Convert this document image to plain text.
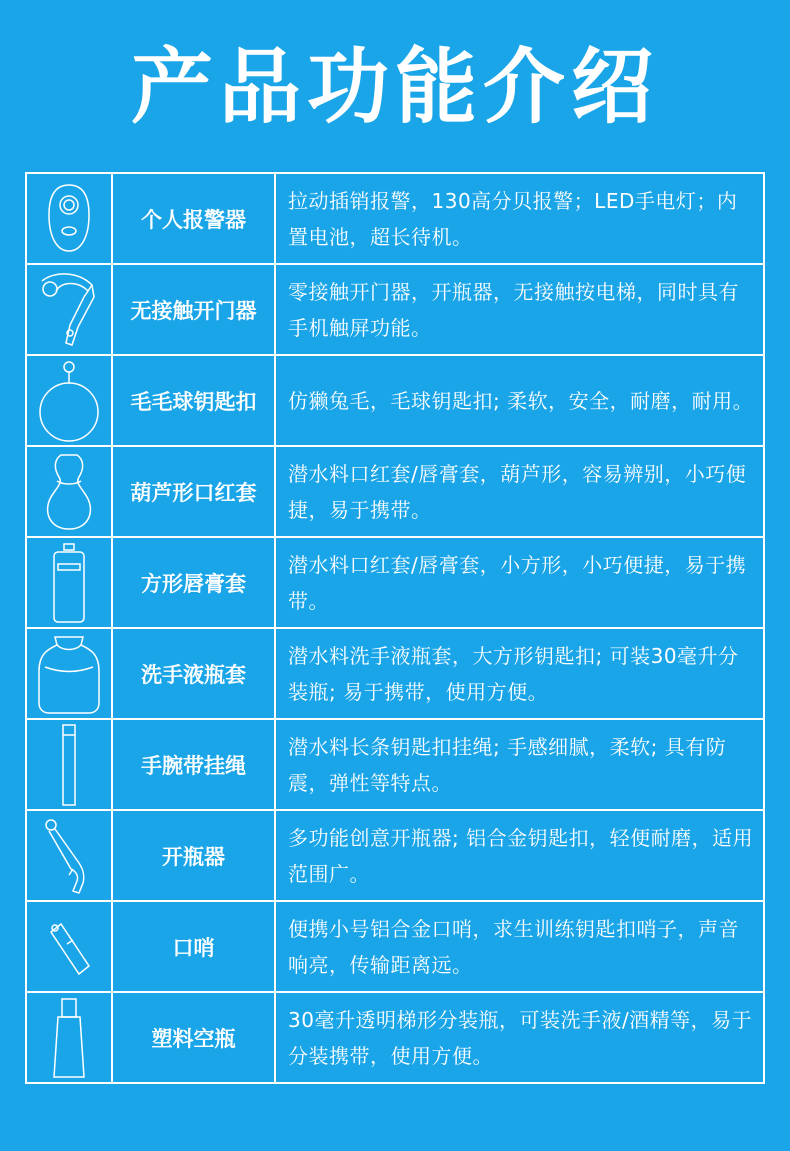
产品功能介绍
	个人报警器	拉动插销报警，130高分贝报警；LED手电灯；内置电池，超长待机。

	无接触开门器	零接触开门器，开瓶器，无接触按电梯，同时具有手机触屏功能。

	毛毛球钥匙扣	仿獭兔毛，毛球钥匙扣; 柔软，安全，耐磨，耐用。

	葫芦形口红套	潜水料口红套/唇膏套，葫芦形，容易辨别，小巧便捷，易于携带。

	方形唇膏套	潜水料口红套/唇膏套，小方形，小巧便捷，易于携带。

	洗手液瓶套	潜水料洗手液瓶套，大方形钥匙扣; 可装30毫升分装瓶; 易于携带，使用方便。

	手腕带挂绳	潜水料长条钥匙扣挂绳; 手感细腻，柔软; 具有防震，弹性等特点。

	开瓶器	多功能创意开瓶器; 铝合金钥匙扣，轻便耐磨，适用范围广。

	口哨	便携小号铝合金口哨，求生训练钥匙扣哨子，声音响亮，传输距离远。

	塑料空瓶	30毫升透明梯形分装瓶，可装洗手液/酒精等，易于分装携带，使用方便。
